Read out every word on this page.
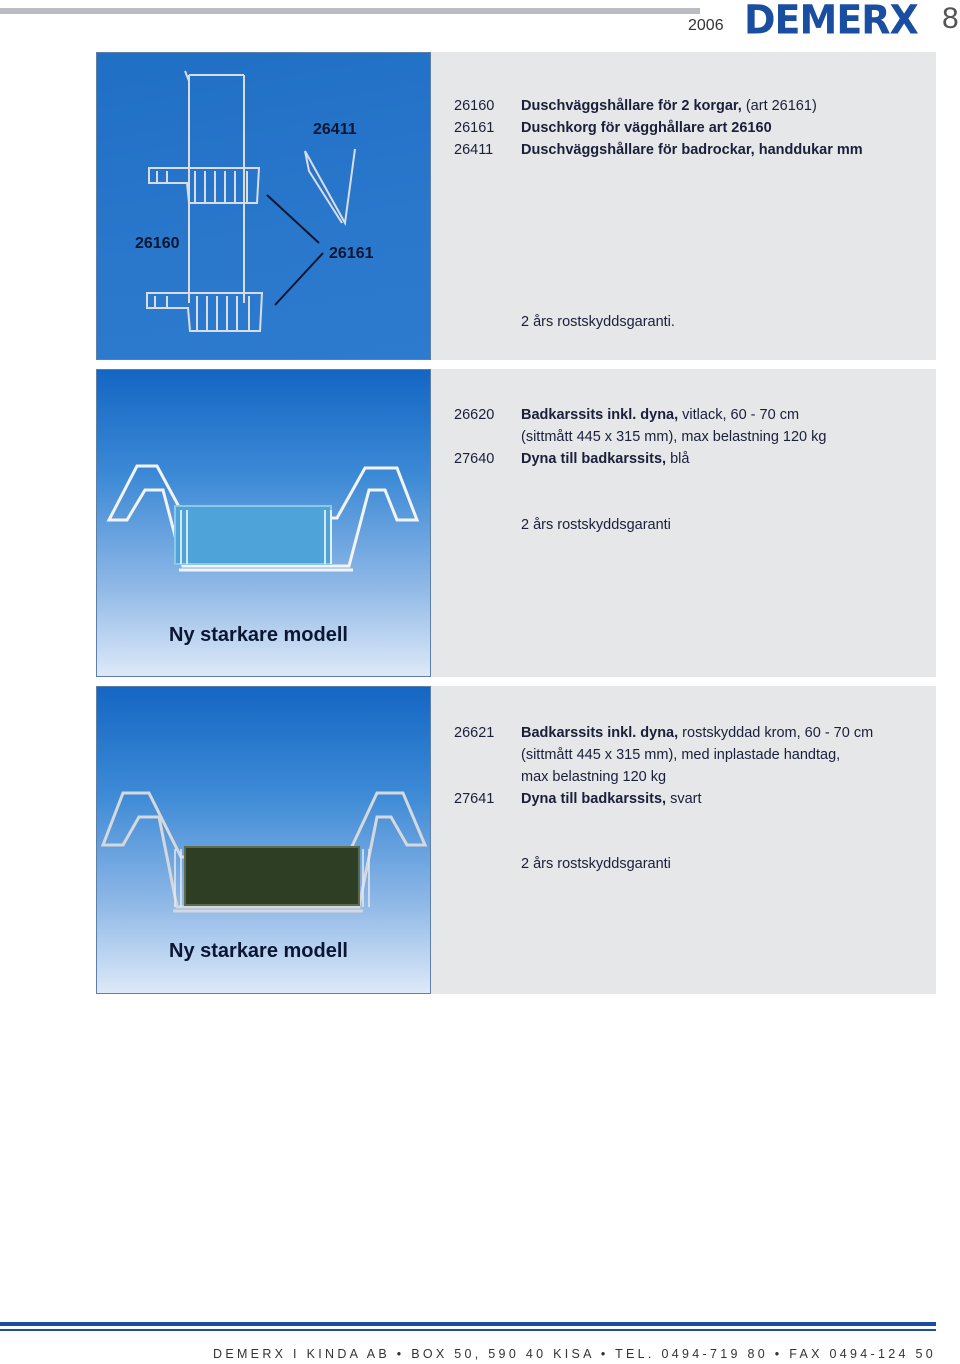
2006 DEMERX 8
26411
26160
26161
26160 Duschväggshållare för 2 korgar, (art 26161)
26161 Duschkorg för vägghållare art 26160
26411 Duschväggshållare för badrockar, handdukar mm
2 års rostskyddsgaranti.
Ny starkare modell
26620 Badkarssits inkl. dyna, vitlack, 60 - 70 cm
(sittmått 445 x 315 mm), max belastning 120 kg
27640 Dyna till badkarssits, blå
2 års rostskyddsgaranti
Ny starkare modell
26621 Badkarssits inkl. dyna, rostskyddad krom, 60 - 70 cm
(sittmått 445 x 315 mm), med inplastade handtag,
max belastning 120 kg
27641 Dyna till badkarssits, svart
2 års rostskyddsgaranti
DEMERX I KINDA AB • BOX 50, 590 40 KISA • TEL. 0494-719 80 • FAX 0494-124 50
